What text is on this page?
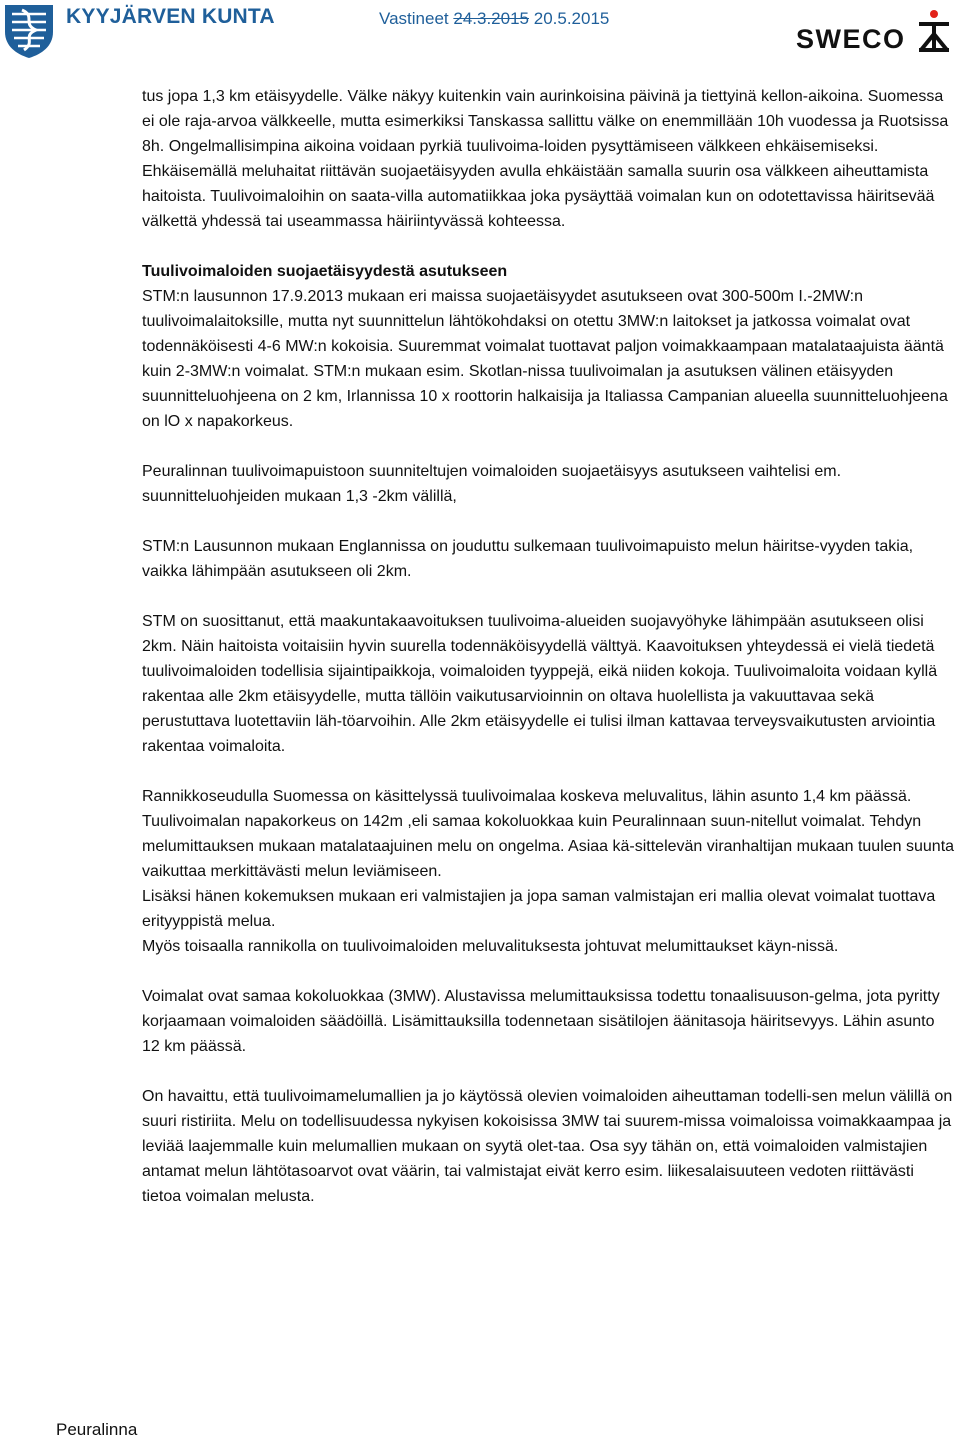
KYYJÄRVEN KUNTA	Vastineet 24.3.2015 20.5.2015
SWECO

tus jopa 1,3 km etäisyydelle. Välke näkyy kuitenkin vain aurinkoisina päivinä ja tiettyinä kellon-aikoina. Suomessa ei ole raja-arvoa välkkeelle, mutta esimerkiksi Tanskassa sallittu välke on enemmillään 10h vuodessa ja Ruotsissa 8h. Ongelmallisimpina aikoina voidaan pyrkiä tuulivoima-loiden pysyttämiseen välkkeen ehkäisemiseksi. Ehkäisemällä meluhaitat riittävän suojaetäisyyden avulla ehkäistään samalla suurin osa välkkeen aiheuttamista haitoista. Tuulivoimaloihin on saata-villa automatiikkaa joka pysäyttää voimalan kun on odotettavissa häiritsevää välkettä yhdessä tai useammassa häiriintyvässä kohteessa.

Tuulivoimaloiden suojaetäisyydestä asutukseen

STM:n lausunnon 17.9.2013 mukaan eri maissa suojaetäisyydet asutukseen ovat 300-500m I.-2MW:n tuulivoimalaitoksille, mutta nyt suunnittelun lähtökohdaksi on otettu 3MW:n laitokset ja jatkossa voimalat ovat todennäköisesti 4-6 MW:n kokoisia. Suuremmat voimalat tuottavat paljon voimakkaampaan matalataajuista ääntä kuin 2-3MW:n voimalat. STM:n mukaan esim. Skotlan-nissa tuulivoimalan ja asutuksen välinen etäisyyden suunnitteluohjeena on 2 km, Irlannissa 10 x roottorin halkaisija ja Italiassa Campanian alueella suunnitteluohjeena on lO x napakorkeus.

Peuralinnan tuulivoimapuistoon suunniteltujen voimaloiden suojaetäisyys asutukseen vaihtelisi em. suunnitteluohjeiden mukaan 1,3 -2km välillä,

STM:n Lausunnon mukaan Englannissa on jouduttu sulkemaan tuulivoimapuisto melun häiritse-vyyden takia, vaikka lähimpään asutukseen oli 2km.

STM on suosittanut, että maakuntakaavoituksen tuulivoima-alueiden suojavyöhyke lähimpään asutukseen olisi 2km. Näin haitoista voitaisiin hyvin suurella todennäköisyydellä välttyä. Kaavoituksen yhteydessä ei vielä tiedetä tuulivoimaloiden todellisia sijaintipaikkoja, voimaloiden tyyppejä, eikä niiden kokoja. Tuulivoimaloita voidaan kyllä rakentaa alle 2km etäisyydelle, mutta tällöin vaikutusarvioinnin on oltava huolellista ja vakuuttavaa sekä perustuttava luotettaviin läh-töarvoihin. Alle 2km etäisyydelle ei tulisi ilman kattavaa terveysvaikutusten arviointia rakentaa voimaloita.

Rannikkoseudulla Suomessa on käsittelyssä tuulivoimalaa koskeva meluvalitus, lähin asunto 1,4 km päässä. Tuulivoimalan napakorkeus on 142m ,eli samaa kokoluokkaa kuin Peuralinnaan suun-nitellut voimalat. Tehdyn melumittauksen mukaan matalataajuinen melu on ongelma. Asiaa kä-sittelevän viranhaltijan mukaan tuulen suunta vaikuttaa merkittävästi melun leviämiseen.

Lisäksi hänen kokemuksen mukaan eri valmistajien ja jopa saman valmistajan eri mallia olevat voimalat tuottava erityyppistä melua.

Myös toisaalla rannikolla on tuulivoimaloiden meluvalituksesta johtuvat melumittaukset käyn-nissä.

Voimalat ovat samaa kokoluokkaa (3MW). Alustavissa melumittauksissa todettu tonaalisuuson-gelma, jota pyritty korjaamaan voimaloiden säädöillä. Lisämittauksilla todennetaan sisätilojen äänitasoja häiritsevyys. Lähin asunto 12 km päässä.

On havaittu, että tuulivoimamelumallien ja jo käytössä olevien voimaloiden aiheuttaman todelli-sen melun välillä on suuri ristiriita. Melu on todellisuudessa nykyisen kokoisissa 3MW tai suurem-missa voimaloissa voimakkaampaa ja leviää laajemmalle kuin melumallien mukaan on syytä olet-taa. Osa syy tähän on, että voimaloiden valmistajien antamat melun lähtötasoarvot ovat väärin, tai valmistajat eivät kerro esim. liikesalaisuuteen vedoten riittävästi tietoa voimalan melusta.

Peuralinna
